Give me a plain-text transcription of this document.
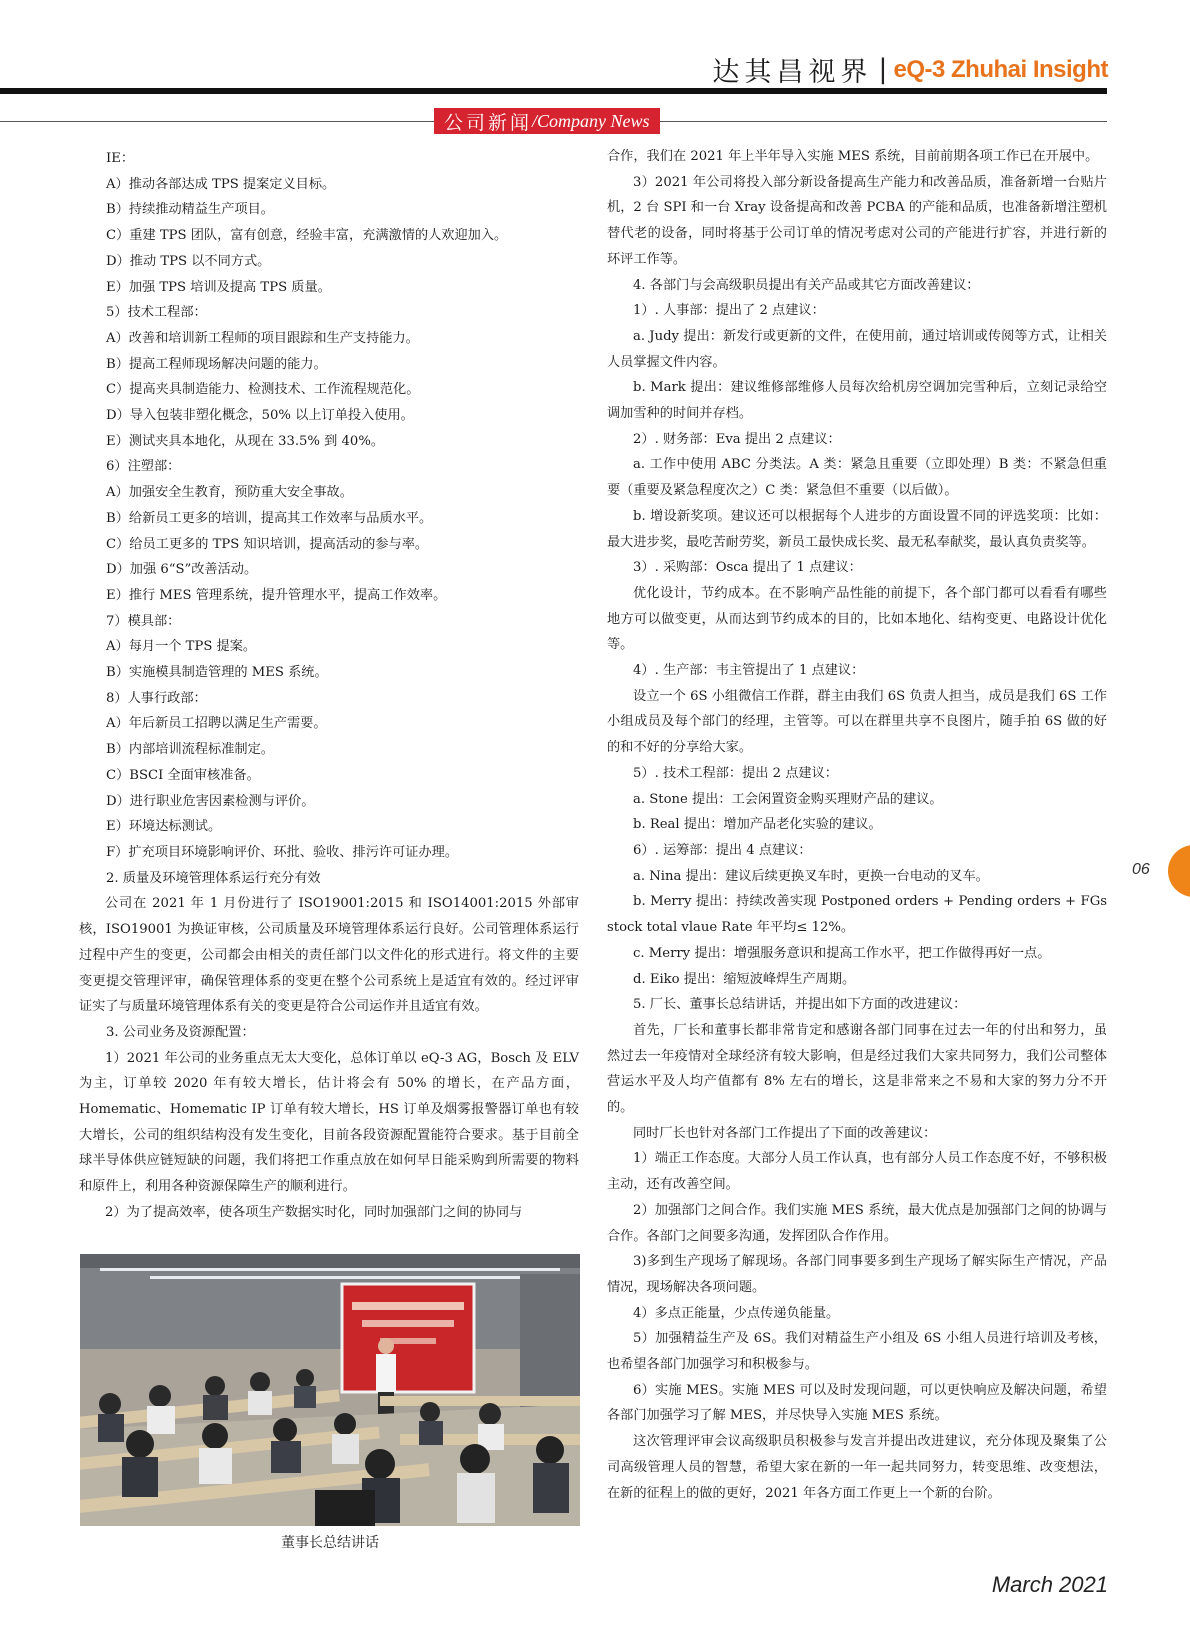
达其昌视界 | eQ-3 Zhuhai Insight
公司新闻 /Company News

IE：

A）推动各部达成 TPS 提案定义目标。

B）持续推动精益生产项目。

C）重建 TPS 团队，富有创意，经验丰富，充满激情的人欢迎加入。

D）推动 TPS 以不同方式。

E）加强 TPS 培训及提高 TPS 质量。

5）技术工程部：

A）改善和培训新工程师的项目跟踪和生产支持能力。

B）提高工程师现场解决问题的能力。

C）提高夹具制造能力、检测技术、工作流程规范化。

D）导入包装非塑化概念，50% 以上订单投入使用。

E）测试夹具本地化，从现在 33.5% 到 40%。

6）注塑部：

A）加强安全生教育，预防重大安全事故。

B）给新员工更多的培训，提高其工作效率与品质水平。

C）给员工更多的 TPS 知识培训，提高活动的参与率。

D）加强 6“S”改善活动。

E）推行 MES 管理系统，提升管理水平，提高工作效率。

7）模具部：

A）每月一个 TPS 提案。

B）实施模具制造管理的 MES 系统。

8）人事行政部：

A）年后新员工招聘以满足生产需要。

B）内部培训流程标准制定。

C）BSCI 全面审核准备。

D）进行职业危害因素检测与评价。

E）环境达标测试。

F）扩充项目环境影响评价、环批、验收、排污许可证办理。

2. 质量及环境管理体系运行充分有效

公司在 2021 年 1 月份进行了 ISO19001:2015 和 ISO14001:2015 外部审核，ISO19001 为换证审核，公司质量及环境管理体系运行良好。公司管理体系运行过程中产生的变更，公司都会由相关的责任部门以文件化的形式进行。将文件的主要变更提交管理评审，确保管理体系的变更在整个公司系统上是适宜有效的。经过评审证实了与质量环境管理体系有关的变更是符合公司运作并且适宜有效。

3. 公司业务及资源配置：

1）2021 年公司的业务重点无太大变化，总体订单以 eQ-3 AG，Bosch 及 ELV 为主，订单较 2020 年有较大增长，估计将会有 50% 的增长，在产品方面，Homematic、Homematic IP 订单有较大增长，HS 订单及烟雾报警器订单也有较大增长，公司的组织结构没有发生变化，目前各段资源配置能符合要求。基于目前全球半导体供应链短缺的问题，我们将把工作重点放在如何早日能采购到所需要的物料和原件上，利用各种资源保障生产的顺利进行。

2）为了提高效率，使各项生产数据实时化，同时加强部门之间的协同与

董事长总结讲话

合作，我们在 2021 年上半年导入实施 MES 系统，目前前期各项工作已在开展中。

3）2021 年公司将投入部分新设备提高生产能力和改善品质，准备新增一台贴片机，2 台 SPI 和一台 Xray 设备提高和改善 PCBA 的产能和品质，也准备新增注塑机替代老的设备，同时将基于公司订单的情况考虑对公司的产能进行扩容，并进行新的环评工作等。

4. 各部门与会高级职员提出有关产品或其它方面改善建议：

1）. 人事部：提出了 2 点建议：

a. Judy 提出：新发行或更新的文件，在使用前，通过培训或传阅等方式，让相关人员掌握文件内容。

b. Mark 提出：建议维修部维修人员每次给机房空调加完雪种后，立刻记录给空调加雪种的时间并存档。

2）. 财务部：Eva 提出 2 点建议：

a. 工作中使用 ABC 分类法。A 类：紧急且重要（立即处理）B 类：不紧急但重要（重要及紧急程度次之）C 类：紧急但不重要（以后做）。

b. 增设新奖项。建议还可以根据每个人进步的方面设置不同的评选奖项：比如：最大进步奖，最吃苦耐劳奖，新员工最快成长奖、最无私奉献奖，最认真负责奖等。

3）. 采购部：Osca 提出了 1 点建议：

优化设计，节约成本。在不影响产品性能的前提下，各个部门都可以看看有哪些地方可以做变更，从而达到节约成本的目的，比如本地化、结构变更、电路设计优化等。

4）. 生产部：韦主管提出了 1 点建议：

设立一个 6S 小组微信工作群，群主由我们 6S 负责人担当，成员是我们 6S 工作小组成员及每个部门的经理，主管等。可以在群里共享不良图片，随手拍 6S 做的好的和不好的分享给大家。

5）. 技术工程部：提出 2 点建议：

a. Stone 提出：工会闲置资金购买理财产品的建议。

b. Real 提出：增加产品老化实验的建议。

6）. 运筹部：提出 4 点建议：

a. Nina 提出：建议后续更换叉车时，更换一台电动的叉车。

b. Merry 提出：持续改善实现 Postponed orders + Pending orders + FGs stock total vlaue Rate 年平均≤ 12%。

c. Merry 提出：增强服务意识和提高工作水平，把工作做得再好一点。

d. Eiko 提出：缩短波峰焊生产周期。

5. 厂长、董事长总结讲话，并提出如下方面的改进建议：

首先，厂长和董事长都非常肯定和感谢各部门同事在过去一年的付出和努力，虽然过去一年疫情对全球经济有较大影响，但是经过我们大家共同努力，我们公司整体营运水平及人均产值都有 8% 左右的增长，这是非常来之不易和大家的努力分不开的。

同时厂长也针对各部门工作提出了下面的改善建议：

1）端正工作态度。大部分人员工作认真，也有部分人员工作态度不好，不够积极主动，还有改善空间。

2）加强部门之间合作。我们实施 MES 系统，最大优点是加强部门之间的协调与合作。各部门之间要多沟通，发挥团队合作作用。

3)多到生产现场了解现场。各部门同事要多到生产现场了解实际生产情况，产品情况，现场解决各项问题。

4）多点正能量，少点传递负能量。

5）加强精益生产及 6S。我们对精益生产小组及 6S 小组人员进行培训及考核，也希望各部门加强学习和积极参与。

6）实施 MES。实施 MES 可以及时发现问题，可以更快响应及解决问题，希望各部门加强学习了解 MES，并尽快导入实施 MES 系统。

这次管理评审会议高级职员积极参与发言并提出改进建议，充分体现及聚集了公司高级管理人员的智慧，希望大家在新的一年一起共同努力，转变思维、改变想法，在新的征程上的做的更好，2021 年各方面工作更上一个新的台阶。

06
March 2021
